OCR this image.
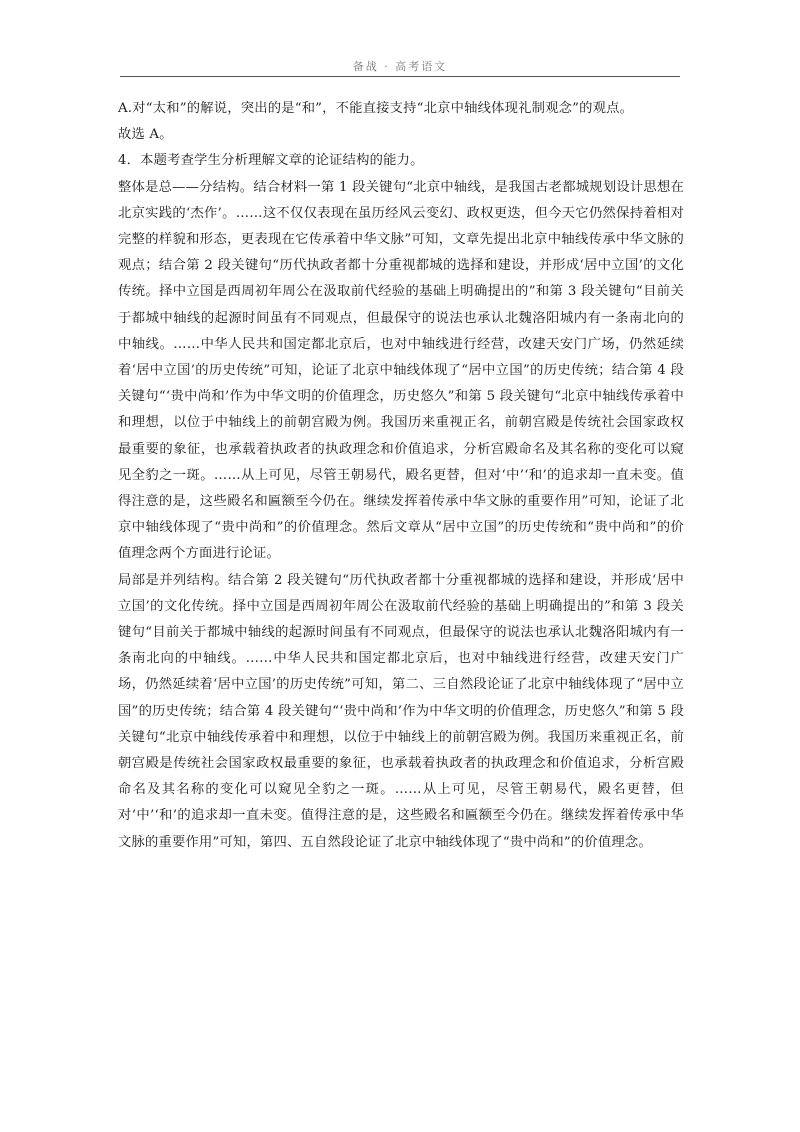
备战 · 高考语文

A.对“太和”的解说，突出的是“和”，不能直接支持“北京中轴线体现礼制观念”的观点。

故选 A。

4．本题考查学生分析理解文章的论证结构的能力。

整体是总——分结构。结合材料一第 1 段关键句“北京中轴线，是我国古老都城规划设计思想在北京实践的‘杰作’。……这不仅仅表现在虽历经风云变幻、政权更迭，但今天它仍然保持着相对完整的样貌和形态，更表现在它传承着中华文脉”可知，文章先提出北京中轴线传承中华文脉的观点；结合第 2 段关键句“历代执政者都十分重视都城的选择和建设，并形成‘居中立国’的文化传统。择中立国是西周初年周公在汲取前代经验的基础上明确提出的”和第 3 段关键句“目前关于都城中轴线的起源时间虽有不同观点，但最保守的说法也承认北魏洛阳城内有一条南北向的中轴线。……中华人民共和国定都北京后，也对中轴线进行经营，改建天安门广场，仍然延续着‘居中立国’的历史传统”可知，论证了北京中轴线体现了“居中立国”的历史传统；结合第 4 段关键句“‘贵中尚和’作为中华文明的价值理念，历史悠久”和第 5 段关键句“北京中轴线传承着中和理想，以位于中轴线上的前朝宫殿为例。我国历来重视正名，前朝宫殿是传统社会国家政权最重要的象征，也承载着执政者的执政理念和价值追求，分析宫殿命名及其名称的变化可以窥见全豹之一斑。……从上可见，尽管王朝易代，殿名更替，但对‘中’‘和’的追求却一直未变。值得注意的是，这些殿名和匾额至今仍在。继续发挥着传承中华文脉的重要作用”可知，论证了北京中轴线体现了“贵中尚和”的价值理念。然后文章从“居中立国”的历史传统和“贵中尚和”的价值理念两个方面进行论证。

局部是并列结构。结合第 2 段关键句“历代执政者都十分重视都城的选择和建设，并形成‘居中立国’的文化传统。择中立国是西周初年周公在汲取前代经验的基础上明确提出的”和第 3 段关键句“目前关于都城中轴线的起源时间虽有不同观点，但最保守的说法也承认北魏洛阳城内有一条南北向的中轴线。……中华人民共和国定都北京后，也对中轴线进行经营，改建天安门广场，仍然延续着‘居中立国’的历史传统”可知，第二、三自然段论证了北京中轴线体现了“居中立国”的历史传统；结合第 4 段关键句“‘贵中尚和’作为中华文明的价值理念，历史悠久”和第 5 段关键句“北京中轴线传承着中和理想，以位于中轴线上的前朝宫殿为例。我国历来重视正名，前朝宫殿是传统社会国家政权最重要的象征，也承载着执政者的执政理念和价值追求，分析宫殿命名及其名称的变化可以窥见全豹之一斑。……从上可见，尽管王朝易代，殿名更替，但对‘中’‘和’的追求却一直未变。值得注意的是，这些殿名和匾额至今仍在。继续发挥着传承中华文脉的重要作用”可知，第四、五自然段论证了北京中轴线体现了“贵中尚和”的价值理念。
